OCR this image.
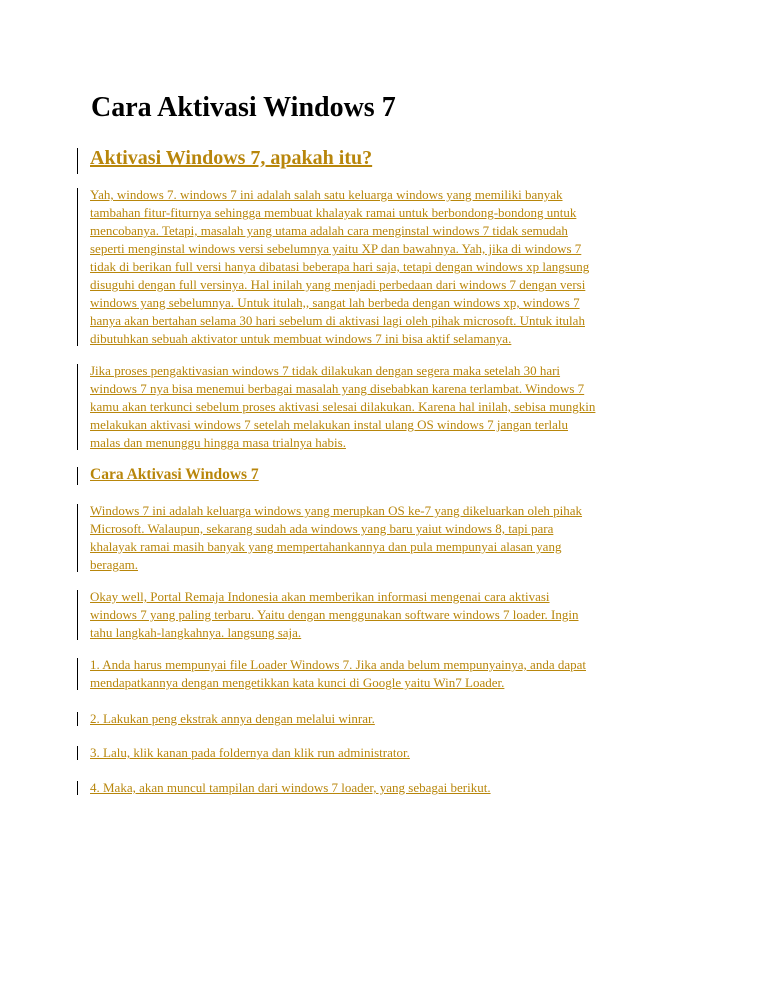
Cara Aktivasi Windows 7
Aktivasi Windows 7, apakah itu?
Yah, windows 7. windows 7 ini adalah salah satu keluarga windows yang memiliki banyak
tambahan fitur-fiturnya sehingga membuat khalayak ramai untuk berbondong-bondong untuk
mencobanya. Tetapi, masalah yang utama adalah cara menginstal windows 7 tidak semudah
seperti menginstal windows versi sebelumnya yaitu XP dan bawahnya. Yah, jika di windows 7
tidak di berikan full versi hanya dibatasi beberapa hari saja, tetapi dengan windows xp langsung
disuguhi dengan full versinya. Hal inilah yang menjadi perbedaan dari windows 7 dengan versi
windows yang sebelumnya. Untuk itulah,, sangat lah berbeda dengan windows xp, windows 7
hanya akan bertahan selama 30 hari sebelum di aktivasi lagi oleh pihak microsoft. Untuk itulah
dibutuhkan sebuah aktivator untuk membuat windows 7 ini bisa aktif selamanya.
Jika proses pengaktivasian windows 7 tidak dilakukan dengan segera maka setelah 30 hari
windows 7 nya bisa menemui berbagai masalah yang disebabkan karena terlambat. Windows 7
kamu akan terkunci sebelum proses aktivasi selesai dilakukan. Karena hal inilah, sebisa mungkin
melakukan aktivasi windows 7 setelah melakukan instal ulang OS windows 7 jangan terlalu
malas dan menunggu hingga masa trialnya habis.
Cara Aktivasi Windows 7
Windows 7 ini adalah keluarga windows yang merupkan OS ke-7 yang dikeluarkan oleh pihak
Microsoft. Walaupun, sekarang sudah ada windows yang baru yaiut windows 8, tapi para
khalayak ramai masih banyak yang mempertahankannya dan pula mempunyai alasan yang
beragam.
Okay well, Portal Remaja Indonesia akan memberikan informasi mengenai cara aktivasi
windows 7 yang paling terbaru. Yaitu dengan menggunakan software windows 7 loader. Ingin
tahu langkah-langkahnya. langsung saja.
1. Anda harus mempunyai file Loader Windows 7. Jika anda belum mempunyainya, anda dapat
mendapatkannya dengan mengetikkan kata kunci di Google yaitu Win7 Loader.
2. Lakukan peng ekstrak annya dengan melalui winrar.
3. Lalu, klik kanan pada foldernya dan klik run administrator.
4. Maka, akan muncul tampilan dari windows 7 loader, yang sebagai berikut.
